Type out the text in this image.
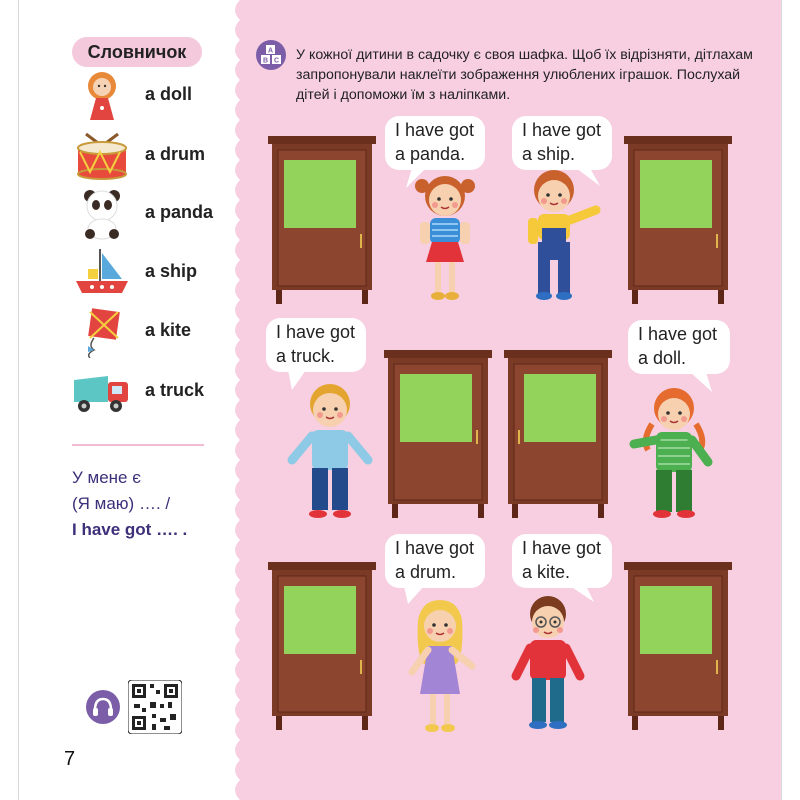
Словничок
a doll
a drum
a panda
a ship
a kite
a truck
У мене є
(Я маю) …. /
I have got …. .
7
A
B C У кожної дитини в садочку є своя шафка. Щоб їх відрізняти, дітлахам запропонували наклеїти зображення улюблених іграшок. Послухай дітей і допоможи їм з наліпками.
I have got
a panda.
I have got
a ship.
I have got
a truck.
I have got
a doll.
I have got
a drum.
I have got
a kite.
